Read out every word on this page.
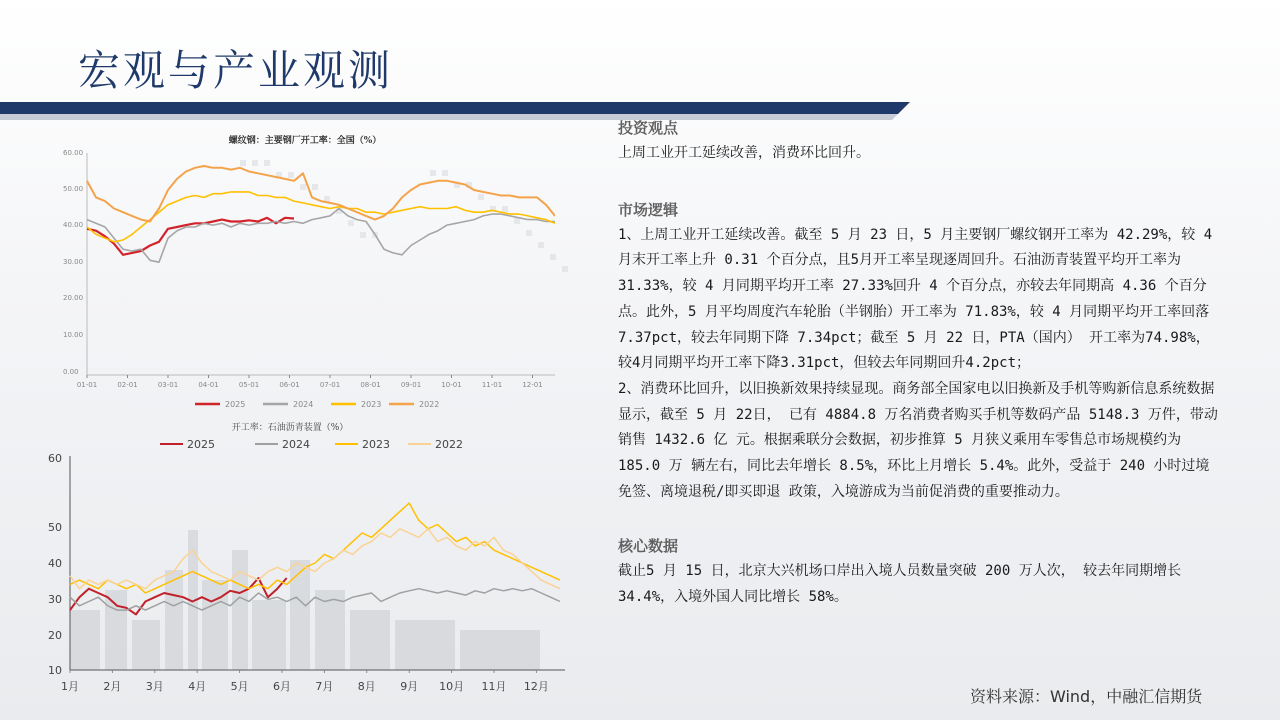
宏观与产业观测
螺纹钢：主要钢厂开工率：全国（%）
0.00
10.00
20.00
30.00
40.00
50.00
60.00
01-01	02-01	03-01	04-01	05-01	06-01	07-01	08-01	09-01	10-01	11-01	12-01
2025	2024	2023	2022
开工率：石油沥青装置（%）
2025	2024	2023	2022
10
20
30
40
50
60
1月 2月 3月 4月 5月 6月 7月 8月 9月 10月 11月 12月

投资观点

上周工业开工延续改善，消费环比回升。

市场逻辑

1、上周工业开工延续改善。截至 5 月 23 日，5 月主要钢厂螺纹钢开工率为 42.29%，较 4 月末开工率上升 0.31 个百分点，且5月开工率呈现逐周回升。石油沥青装置平均开工率为 31.33%，较 4 月同期平均开工率 27.33%回升 4 个百分点，亦较去年同期高 4.36 个百分点。此外，5 月平均周度汽车轮胎（半钢胎）开工率为 71.83%，较 4 月同期平均开工率回落 7.37pct，较去年同期下降 7.34pct；截至 5 月 22 日，PTA（国内） 开工率为74.98%，较4月同期平均开工率下降3.31pct，但较去年同期回升4.2pct；

2、消费环比回升，以旧换新效果持续显现。商务部全国家电以旧换新及手机等购新信息系统数据显示，截至 5 月 22日， 已有 4884.8 万名消费者购买手机等数码产品 5148.3 万件，带动销售 1432.6 亿 元。根据乘联分会数据，初步推算 5 月狭义乘用车零售总市场规模约为 185.0 万 辆左右，同比去年增长 8.5%，环比上月增长 5.4%。此外，受益于 240 小时过境免签、离境退税/即买即退 政策，入境游成为当前促消费的重要推动力。

核心数据

截止5 月 15 日，北京大兴机场口岸出入境人员数量突破 200 万人次， 较去年同期增长 34.4%，入境外国人同比增长 58%。

资料来源：Wind，中融汇信期货
